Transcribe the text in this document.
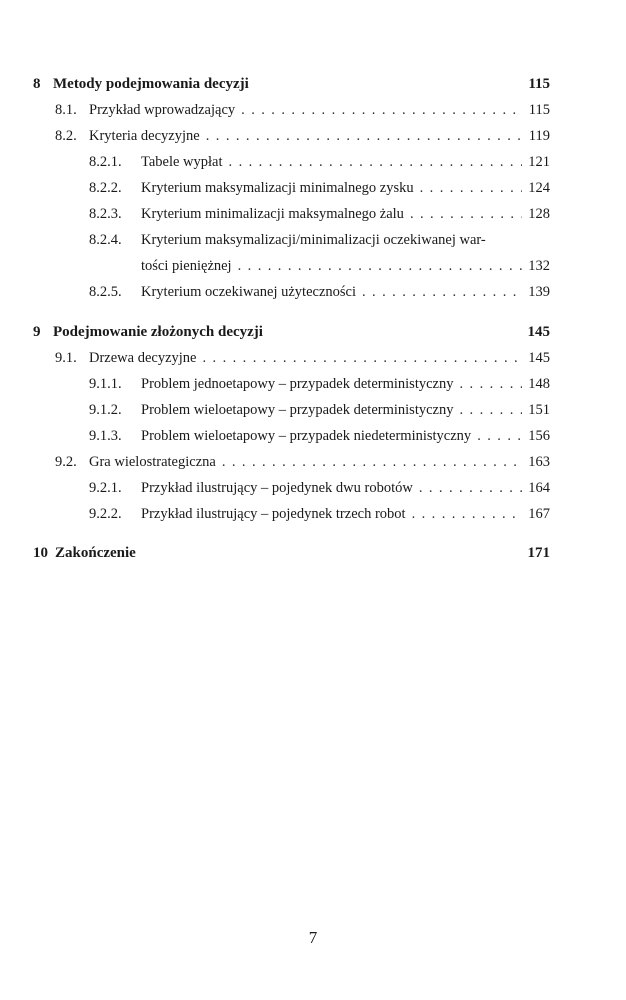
8 Metody podejmowania decyzji	115
8.1. Przykład wprowadzający . . .	115
8.2. Kryteria decyzyjne . . .	119
8.2.1.	Tabele wypłat . . .	121
8.2.2.	Kryterium maksymalizacji minimalnego zysku . . .	124
8.2.3.	Kryterium minimalizacji maksymalnego żalu . . .	128
8.2.4.	Kryterium maksymalizacji/minimalizacji oczekiwanej war-
tości pieniężnej . . .	132
8.2.5.	Kryterium oczekiwanej użyteczności . . .	139
9 Podejmowanie złożonych decyzji	145
9.1. Drzewa decyzyjne . . .	145
9.1.1.	Problem jednoetapowy – przypadek deterministyczny . . .	148
9.1.2.	Problem wieloetapowy – przypadek deterministyczny . . .	151
9.1.3.	Problem wieloetapowy – przypadek niedeterministyczny . . .	156
9.2. Gra wielostrategiczna . . .	163
9.2.1.	Przykład ilustrujący – pojedynek dwu robotów . . .	164
9.2.2.	Przykład ilustrujący – pojedynek trzech robot . . .	167
10 Zakończenie	171
7
